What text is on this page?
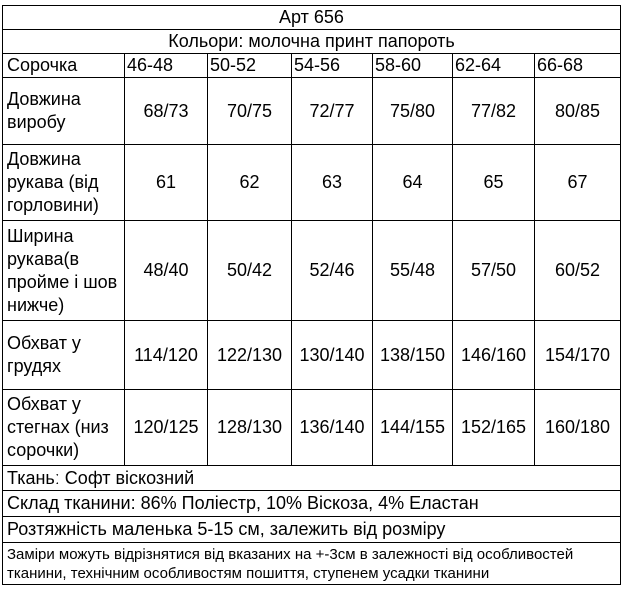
Арт 656						
Кольори: молочна принт папороть						
Сорочка	46-48	50-52	54-56	58-60	62-64	66-68
Довжина виробу	68/73	70/75	72/77	75/80	77/82	80/85
Довжина рукава (від горловини)	61	62	63	64	65	67
Ширина рукава(в пройме і шов нижче)	48/40	50/42	52/46	55/48	57/50	60/52
Обхват у грудях	114/120	122/130	130/140	138/150	146/160	154/170
Обхват у стегнах (низ сорочки)	120/125	128/130	136/140	144/155	152/165	160/180
Тканьː Софт віскозний						
Склад тканини: 86% Поліестр, 10% Віскоза, 4% Еластан						
Розтяжність маленька 5-15 см, залежить від розміру						
Заміри можуть відрізнятися від вказаних на +-3см в залежності від особливостей тканини, технічним особливостям пошиття, ступенем усадки тканини						
